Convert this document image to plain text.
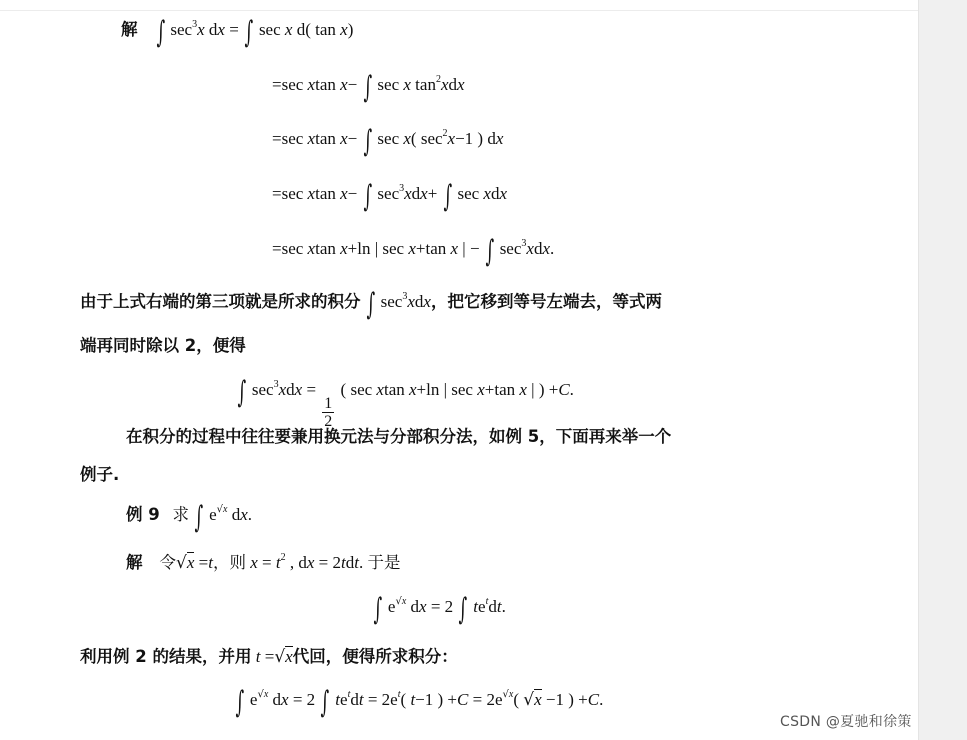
解 ∫ $\sec^3x$ dx = ∫ sec x d( tan x)
=sec xtan x− ∫ sec x $\tan^2xdx$
=sec xtan x− ∫ sec x( $\sec^2x-1$ ) dx
=sec xtan x− ∫ $\sec^3xdx+$ ∫ sec xdx
=sec xtan x+ln | sec x+tan x | − ∫ $\sec^3xdx$.
由于上式右端的第三项就是所求的积分 ∫ $\sec^3xdx$，把它移到等号左端去，等式两
端再同时除以 2，便得
∫ $\sec^3xdx$ =
$\frac{1}{2}$
( sec xtan x+ln | sec x+tan x | ) +C.
在积分的过程中往往要兼用换元法与分部积分法，如例 5，下面再来举一个
例子.
例 9 求 ∫ $e^{√x}$ dx.
解 令√x =t，则 $x = t^2$ , dx = 2tdt. 于是
∫ $e^{√x}$ dx = 2 ∫ $te^tdt$.
利用例 2 的结果，并用 t =√x代回，便得所求积分：
∫ $e^{√x}$ dx = 2 ∫ $te^tdt = 2e^t$( t−1 ) $+C = 2e^{√x}$( √x −1 ) +C.
CSDN @夏驰和徐策
